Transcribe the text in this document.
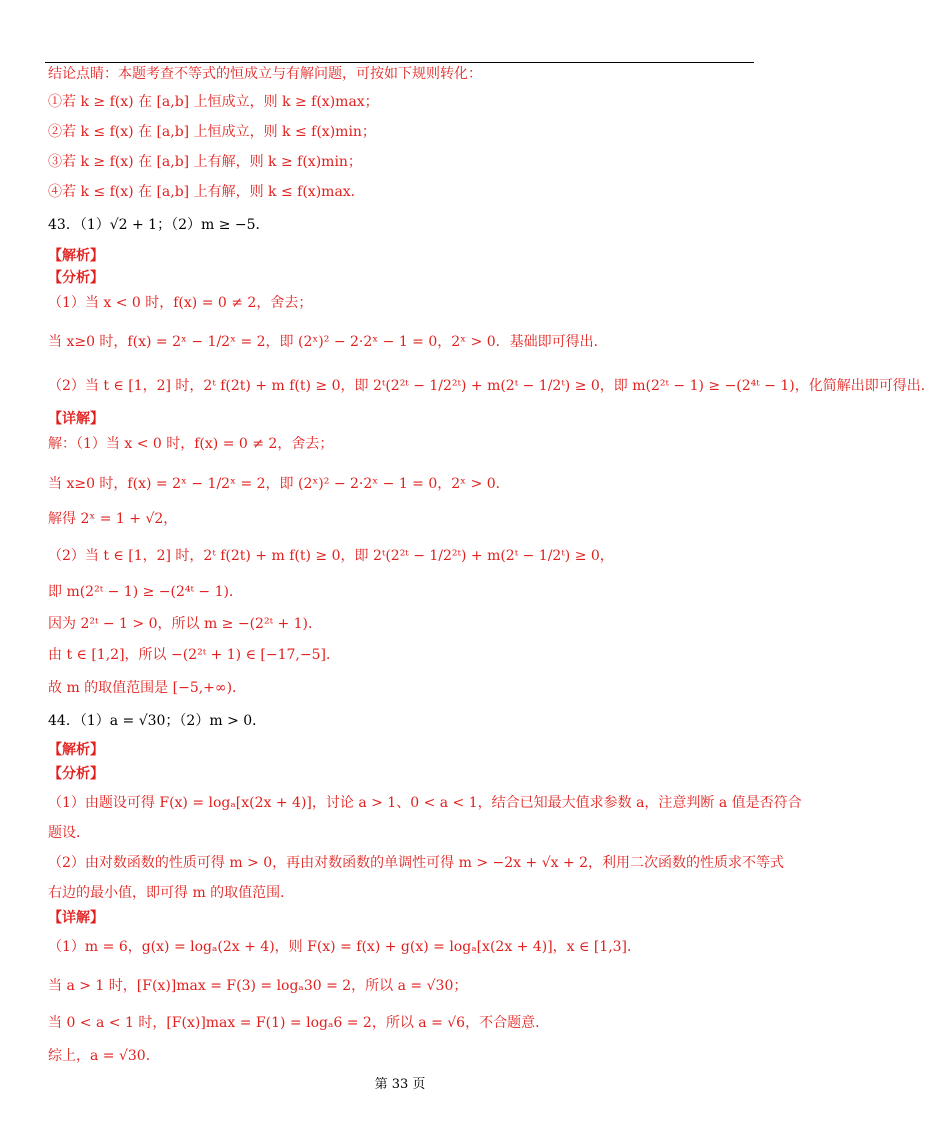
结论点睛：本题考查不等式的恒成立与有解问题，可按如下规则转化：
①若 k ≥ f(x) 在 [a,b] 上恒成立，则 k ≥ f(x)max；
②若 k ≤ f(x) 在 [a,b] 上恒成立，则 k ≤ f(x)min；
③若 k ≥ f(x) 在 [a,b] 上有解，则 k ≥ f(x)min；
④若 k ≤ f(x) 在 [a,b] 上有解，则 k ≤ f(x)max．
43．（1）√2 + 1；（2）m ≥ −5．
【解析】
【分析】
（1）当 x < 0 时，f(x) = 0 ≠ 2，舍去；
当 x≥0 时，f(x) = 2ˣ − 1/2ˣ = 2，即 (2ˣ)² − 2·2ˣ − 1 = 0，2ˣ > 0．基础即可得出．
（2）当 t ∈ [1，2] 时，2ᵗ f(2t) + m f(t) ≥ 0，即 2ᵗ(2²ᵗ − 1/2²ᵗ) + m(2ᵗ − 1/2ᵗ) ≥ 0，即 m(2²ᵗ − 1) ≥ −(2⁴ᵗ − 1)，化简解出即可得出．
【详解】
解：（1）当 x < 0 时，f(x) = 0 ≠ 2，舍去；
当 x≥0 时，f(x) = 2ˣ − 1/2ˣ = 2，即 (2ˣ)² − 2·2ˣ − 1 = 0，2ˣ > 0．
解得 2ˣ = 1 + √2，
（2）当 t ∈ [1，2] 时，2ᵗ f(2t) + m f(t) ≥ 0，即 2ᵗ(2²ᵗ − 1/2²ᵗ) + m(2ᵗ − 1/2ᵗ) ≥ 0，
即 m(2²ᵗ − 1) ≥ −(2⁴ᵗ − 1)．
因为 2²ᵗ − 1 > 0，所以 m ≥ −(2²ᵗ + 1)．
由 t ∈ [1,2]，所以 −(2²ᵗ + 1) ∈ [−17,−5]．
故 m 的取值范围是 [−5,+∞)．
44．（1）a = √30；（2）m > 0．
【解析】
【分析】
（1）由题设可得 F(x) = logₐ[x(2x + 4)]，讨论 a > 1、0 < a < 1，结合已知最大值求参数 a，注意判断 a 值是否符合
题设．
（2）由对数函数的性质可得 m > 0，再由对数函数的单调性可得 m > −2x + √x + 2，利用二次函数的性质求不等式
右边的最小值，即可得 m 的取值范围．
【详解】
（1）m = 6，g(x) = logₐ(2x + 4)，则 F(x) = f(x) + g(x) = logₐ[x(2x + 4)]，x ∈ [1,3]．
当 a > 1 时，[F(x)]max = F(3) = logₐ30 = 2，所以 a = √30；
当 0 < a < 1 时，[F(x)]max = F(1) = logₐ6 = 2，所以 a = √6，不合题意．
综上，a = √30．
第 33 页
